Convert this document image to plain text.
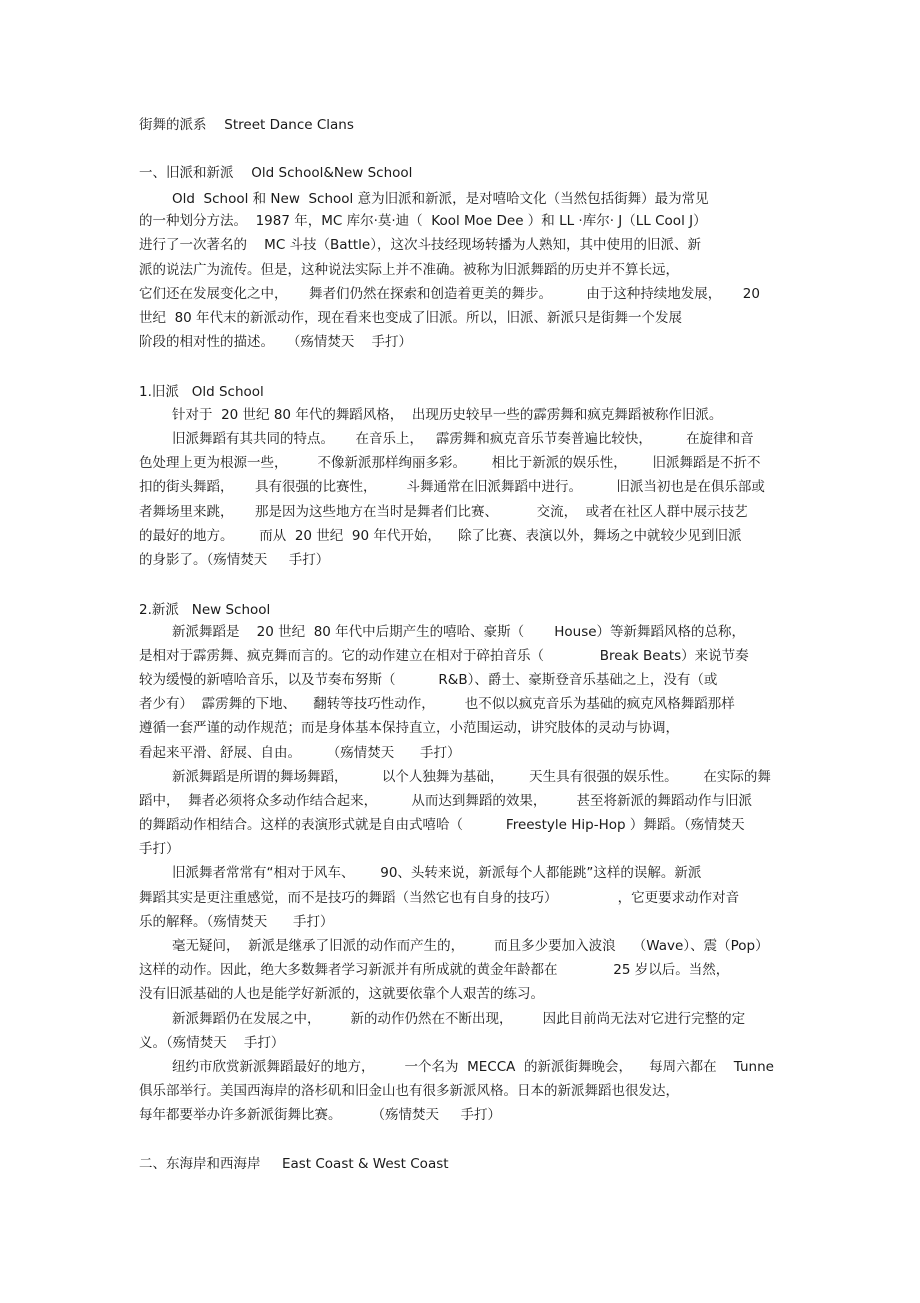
街舞的派系　 Street Dance Clans
一、旧派和新派　 Old School&New School
Old  School 和 New  School 意为旧派和新派，是对嘻哈文化（当然包括街舞）最为常见
的一种划分方法。  1987 年，MC 库尔·莫·迪（  Kool Moe Dee ）和 LL ·库尔· J（LL Cool J）
进行了一次著名的    MC 斗技（Battle），这次斗技经现场转播为人熟知，其中使用的旧派、新
派的说法广为流传。但是，这种说法实际上并不准确。被称为旧派舞蹈的历史并不算长远，
它们还在发展变化之中，     舞者们仍然在探索和创造着更美的舞步。        由于这种持续地发展，     20
世纪  80 年代末的新派动作，现在看来也变成了旧派。所以，旧派、新派只是街舞一个发展
阶段的相对性的描述。   （殇情焚天    手打）
1.旧派   Old School
针对于  20 世纪 80 年代的舞蹈风格，  出现历史较早一些的霹雳舞和疯克舞蹈被称作旧派。
旧派舞蹈有其共同的特点。     在音乐上，   霹雳舞和疯克音乐节奏普遍比较快，        在旋律和音
色处理上更为根源一些，       不像新派那样绚丽多彩。      相比于新派的娱乐性，      旧派舞蹈是不折不
扣的街头舞蹈，     具有很强的比赛性，       斗舞通常在旧派舞蹈中进行。        旧派当初也是在俱乐部或
者舞场里来跳，     那是因为这些地方在当时是舞者们比赛、         交流，  或者在社区人群中展示技艺
的最好的地方。      而从  20 世纪  90 年代开始，    除了比赛、表演以外，舞场之中就较少见到旧派
的身影了。（殇情焚天     手打）
2.新派   New School
新派舞蹈是    20 世纪  80 年代中后期产生的嘻哈、豪斯（       House）等新舞蹈风格的总称，
是相对于霹雳舞、疯克舞而言的。它的动作建立在相对于碎拍音乐（             Break Beats）来说节奏
较为缓慢的新嘻哈音乐，以及节奏布努斯（          R&B）、爵士、豪斯登音乐基础之上，没有（或
者少有）  霹雳舞的下地、    翻转等技巧性动作，       也不似以疯克音乐为基础的疯克风格舞蹈那样
遵循一套严谨的动作规范；而是身体基本保持直立，小范围运动，讲究肢体的灵动与协调，
看起来平滑、舒展、自由。      （殇情焚天      手打）
新派舞蹈是所谓的舞场舞蹈，        以个人独舞为基础，      天生具有很强的娱乐性。      在实际的舞
蹈中，  舞者必须将众多动作结合起来，        从而达到舞蹈的效果，       甚至将新派的舞蹈动作与旧派
的舞蹈动作相结合。这样的表演形式就是自由式嘻哈（          Freestyle Hip-Hop ）舞蹈。（殇情焚天
手打）
旧派舞者常常有“相对于风车、      90、头转来说，新派每个人都能跳”这样的误解。新派
舞蹈其实是更注重感觉，而不是技巧的舞蹈（当然它也有自身的技巧）              ，它更要求动作对音
乐的解释。（殇情焚天      手打）
毫无疑问，  新派是继承了旧派的动作而产生的，       而且多少要加入波浪    （Wave）、震（Pop）
这样的动作。因此，绝大多数舞者学习新派并有所成就的黄金年龄都在             25 岁以后。当然，
没有旧派基础的人也是能学好新派的，这就要依靠个人艰苦的练习。
新派舞蹈仍在发展之中，       新的动作仍然在不断出现，       因此目前尚无法对它进行完整的定
义。（殇情焚天    手打）
纽约市欣赏新派舞蹈最好的地方，       一个名为  MECCA  的新派街舞晚会，    每周六都在    Tunne
俱乐部举行。美国西海岸的洛杉矶和旧金山也有很多新派风格。日本的新派舞蹈也很发达，
每年都要举办许多新派街舞比赛。       （殇情焚天     手打）
二、东海岸和西海岸     East Coast & West Coast
